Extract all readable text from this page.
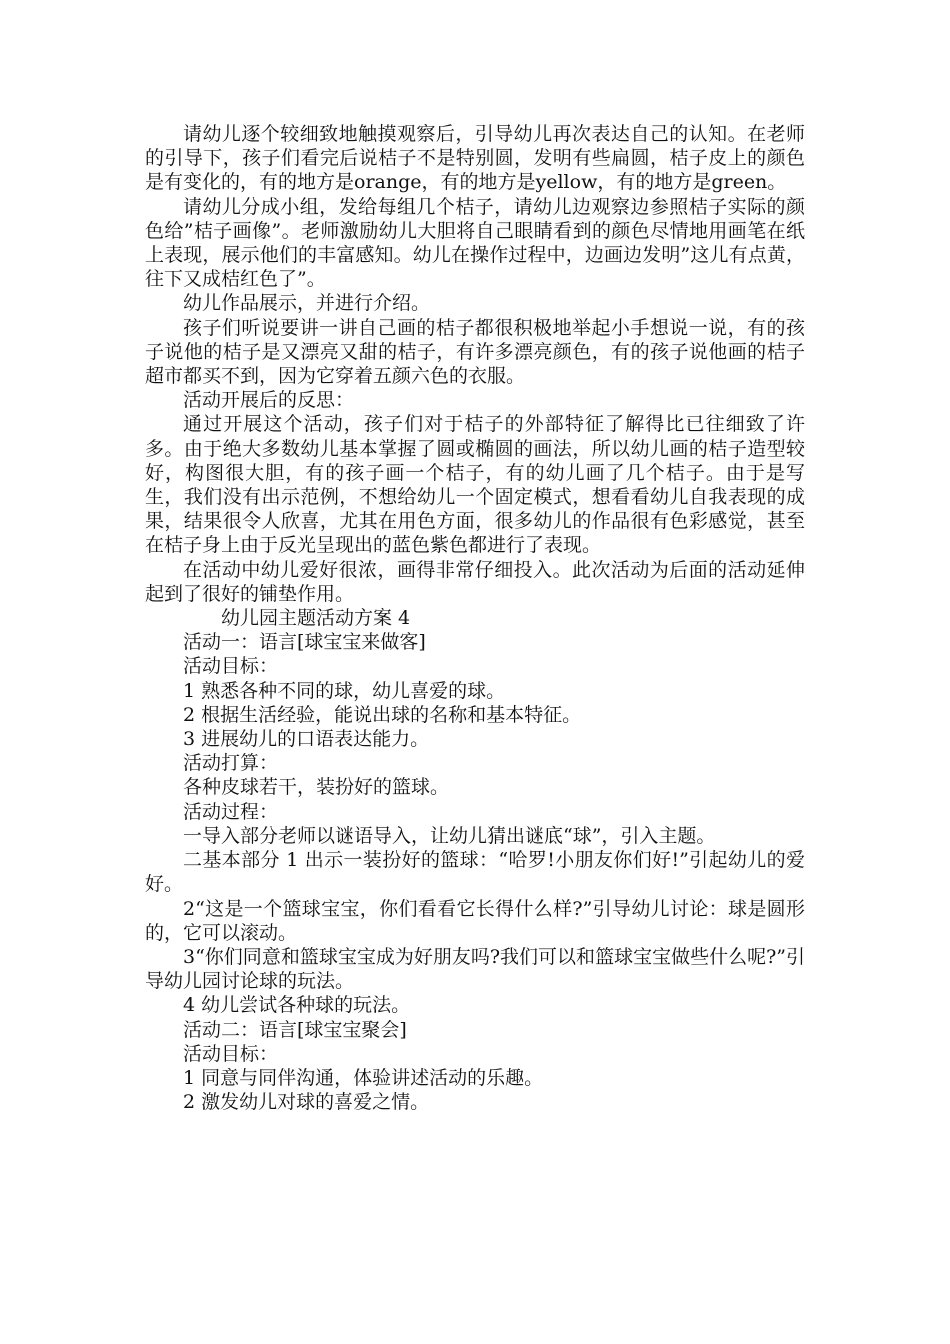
请幼儿逐个较细致地触摸观察后，引导幼儿再次表达自己的认知。在老师的引导下，孩子们看完后说桔子不是特别圆，发明有些扁圆，桔子皮上的颜色是有变化的，有的地方是orange，有的地方是yellow，有的地方是green。

请幼儿分成小组，发给每组几个桔子，请幼儿边观察边参照桔子实际的颜色给”桔子画像”。老师激励幼儿大胆将自己眼睛看到的颜色尽情地用画笔在纸上表现，展示他们的丰富感知。幼儿在操作过程中，边画边发明”这儿有点黄，往下又成桔红色了”。

幼儿作品展示，并进行介绍。

孩子们听说要讲一讲自己画的桔子都很积极地举起小手想说一说，有的孩子说他的桔子是又漂亮又甜的桔子，有许多漂亮颜色，有的孩子说他画的桔子超市都买不到，因为它穿着五颜六色的衣服。

活动开展后的反思：

通过开展这个活动，孩子们对于桔子的外部特征了解得比已往细致了许多。由于绝大多数幼儿基本掌握了圆或椭圆的画法，所以幼儿画的桔子造型较好，构图很大胆，有的孩子画一个桔子，有的幼儿画了几个桔子。由于是写生，我们没有出示范例，不想给幼儿一个固定模式，想看看幼儿自我表现的成果，结果很令人欣喜，尤其在用色方面，很多幼儿的作品很有色彩感觉，甚至在桔子身上由于反光呈现出的蓝色紫色都进行了表现。

在活动中幼儿爱好很浓，画得非常仔细投入。此次活动为后面的活动延伸起到了很好的铺垫作用。

幼儿园主题活动方案 4

活动一：语言[球宝宝来做客]

活动目标：

1 熟悉各种不同的球，幼儿喜爱的球。

2 根据生活经验，能说出球的名称和基本特征。

3 进展幼儿的口语表达能力。

活动打算：

各种皮球若干，装扮好的篮球。

活动过程：

一导入部分老师以谜语导入，让幼儿猜出谜底“球”，引入主题。

二基本部分 1 出示一装扮好的篮球：“哈罗!小朋友你们好!”引起幼儿的爱好。

2“这是一个篮球宝宝，你们看看它长得什么样?”引导幼儿讨论：球是圆形的，它可以滚动。

3“你们同意和篮球宝宝成为好朋友吗?我们可以和篮球宝宝做些什么呢?”引导幼儿园讨论球的玩法。

4 幼儿尝试各种球的玩法。

活动二：语言[球宝宝聚会]

活动目标：

1 同意与同伴沟通，体验讲述活动的乐趣。

2 激发幼儿对球的喜爱之情。
